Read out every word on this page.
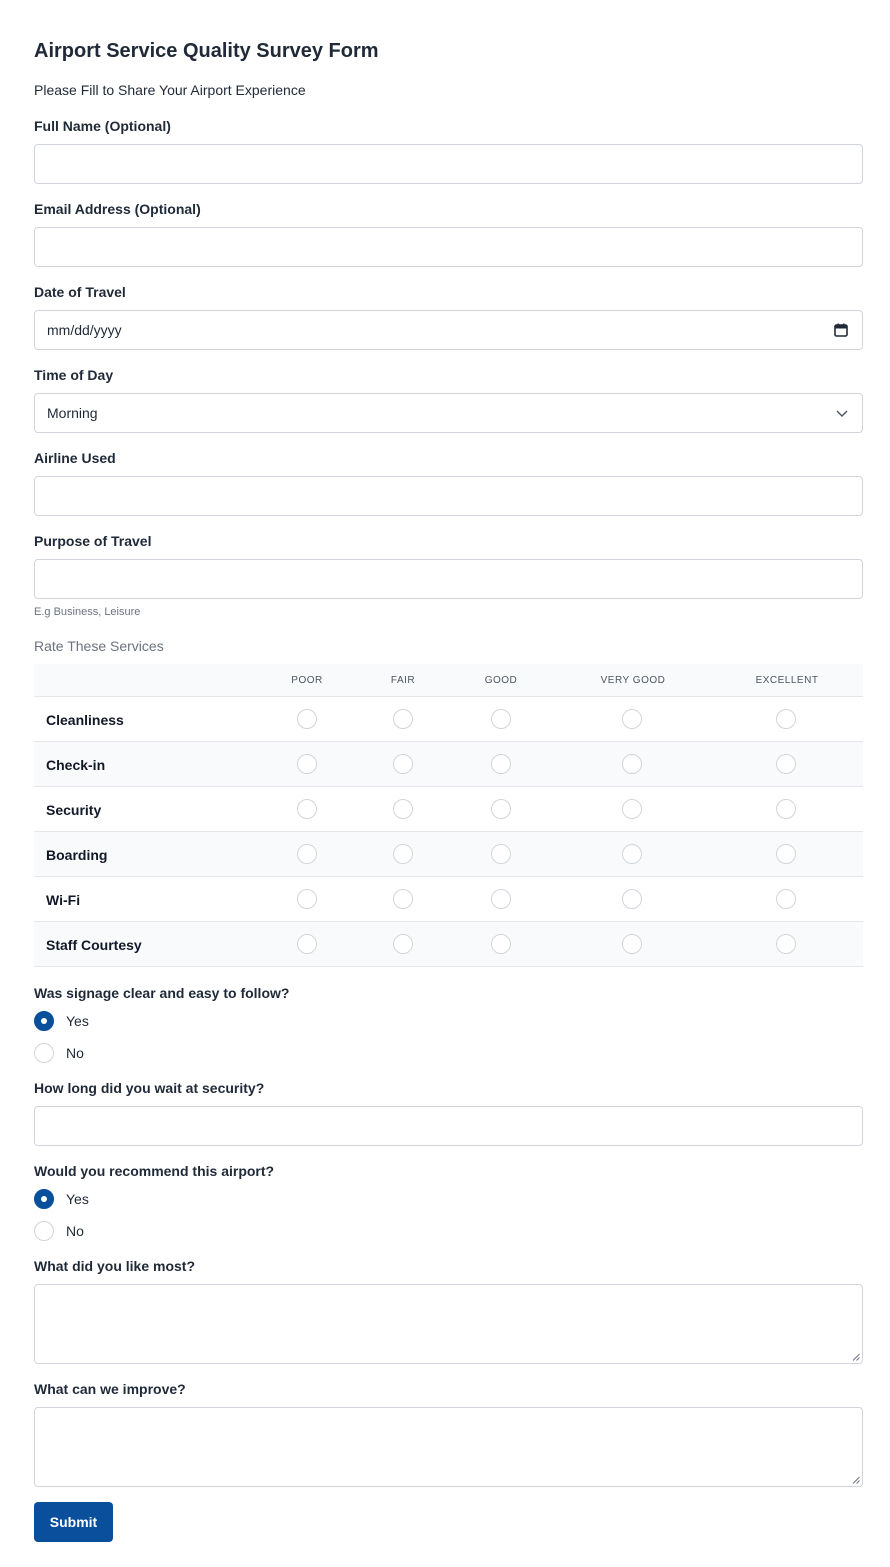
Airport Service Quality Survey Form
Please Fill to Share Your Airport Experience
Full Name (Optional)
Email Address (Optional)
Date of Travel
mm/dd/yyyy
Time of Day
Morning
Airline Used
Purpose of Travel
E.g Business, Leisure
Rate These Services
POOR	FAIR	GOOD	VERY GOOD	EXCELLENT
Cleanliness
Check-in
Security
Boarding
Wi-Fi
Staff Courtesy
Was signage clear and easy to follow?
Yes
No
How long did you wait at security?
Would you recommend this airport?
Yes
No
What did you like most?
What can we improve?
Submit
